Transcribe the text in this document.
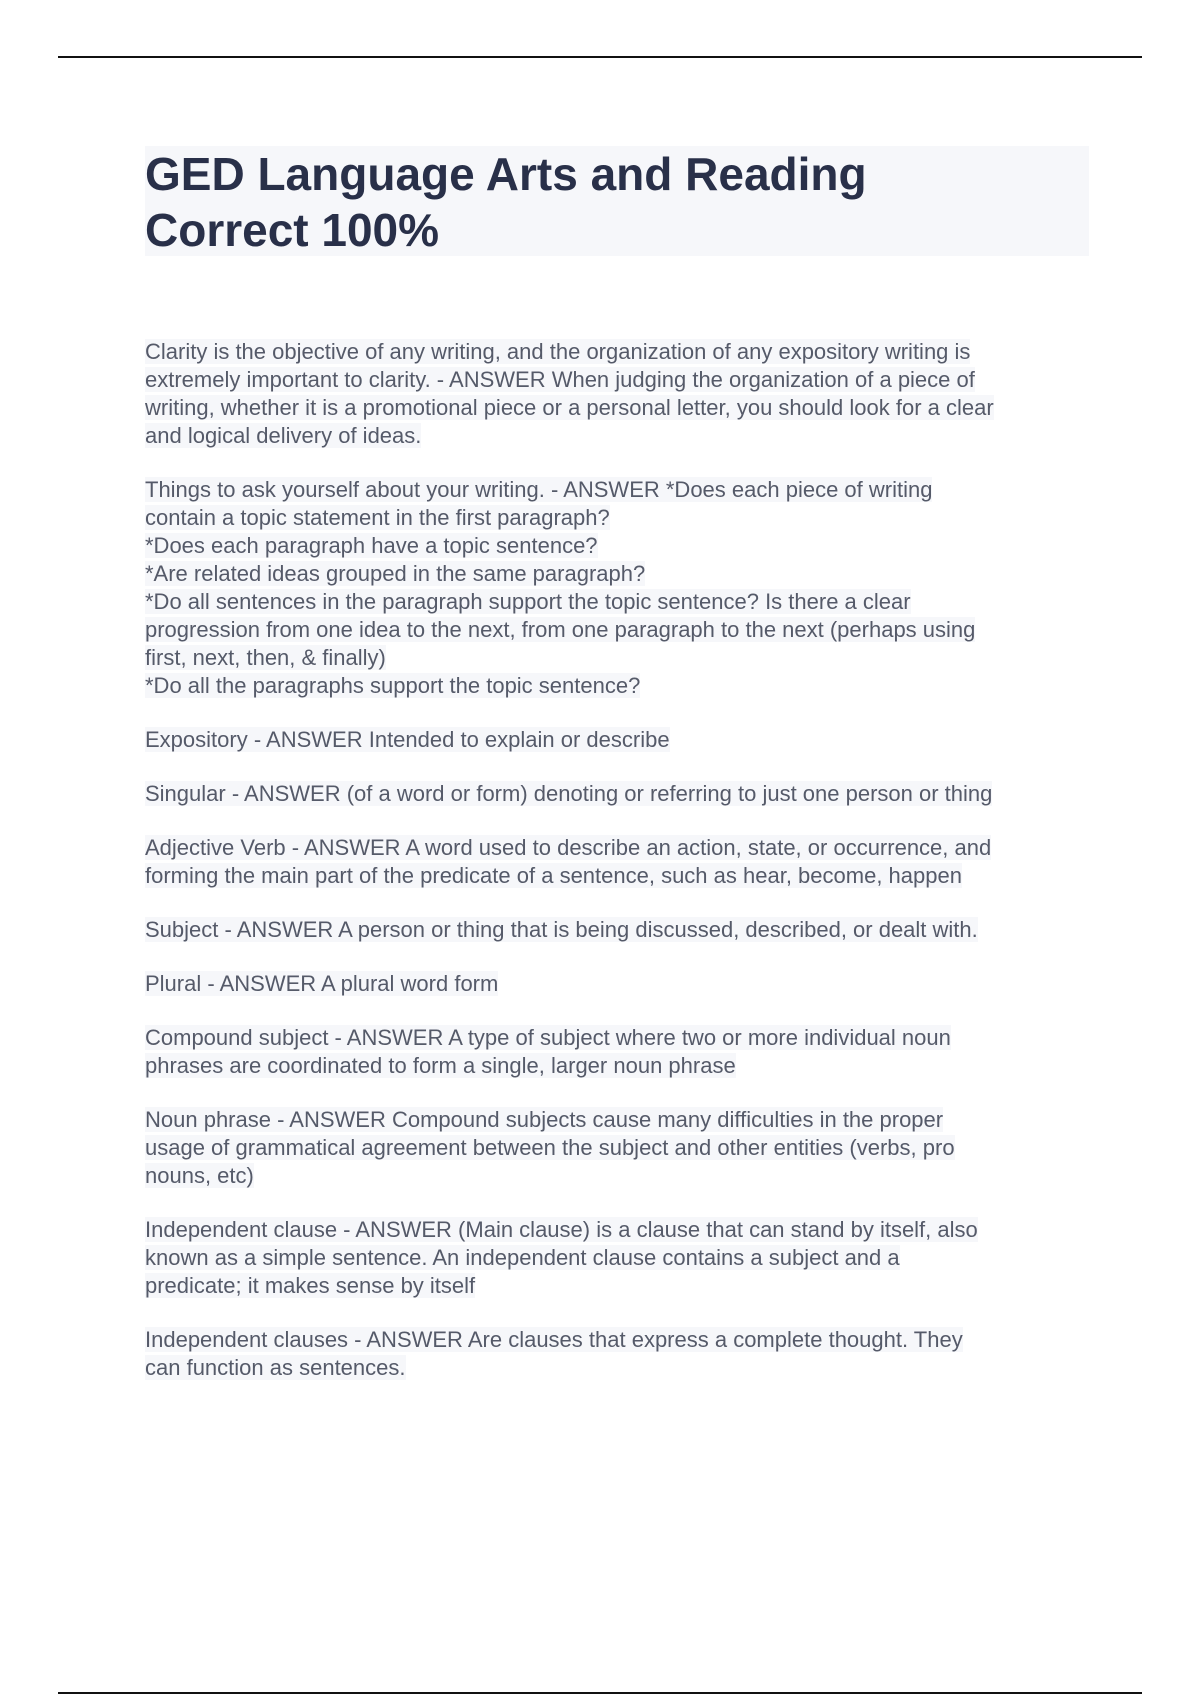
GED Language Arts and Reading
Correct 100%
Clarity is the objective of any writing, and the organization of any expository writing is
extremely important to clarity. - ANSWER When judging the organization of a piece of
writing, whether it is a promotional piece or a personal letter, you should look for a clear
and logical delivery of ideas.
Things to ask yourself about your writing. - ANSWER *Does each piece of writing
contain a topic statement in the first paragraph?
*Does each paragraph have a topic sentence?
*Are related ideas grouped in the same paragraph?
*Do all sentences in the paragraph support the topic sentence? Is there a clear
progression from one idea to the next, from one paragraph to the next (perhaps using
first, next, then, & finally)
*Do all the paragraphs support the topic sentence?
Expository - ANSWER Intended to explain or describe
Singular - ANSWER (of a word or form) denoting or referring to just one person or thing
Adjective Verb - ANSWER A word used to describe an action, state, or occurrence, and
forming the main part of the predicate of a sentence, such as hear, become, happen
Subject - ANSWER A person or thing that is being discussed, described, or dealt with.
Plural - ANSWER A plural word form
Compound subject - ANSWER A type of subject where two or more individual noun
phrases are coordinated to form a single, larger noun phrase
Noun phrase - ANSWER Compound subjects cause many difficulties in the proper
usage of grammatical agreement between the subject and other entities (verbs, pro
nouns, etc)
Independent clause - ANSWER (Main clause) is a clause that can stand by itself, also
known as a simple sentence. An independent clause contains a subject and a
predicate; it makes sense by itself
Independent clauses - ANSWER Are clauses that express a complete thought. They
can function as sentences.
